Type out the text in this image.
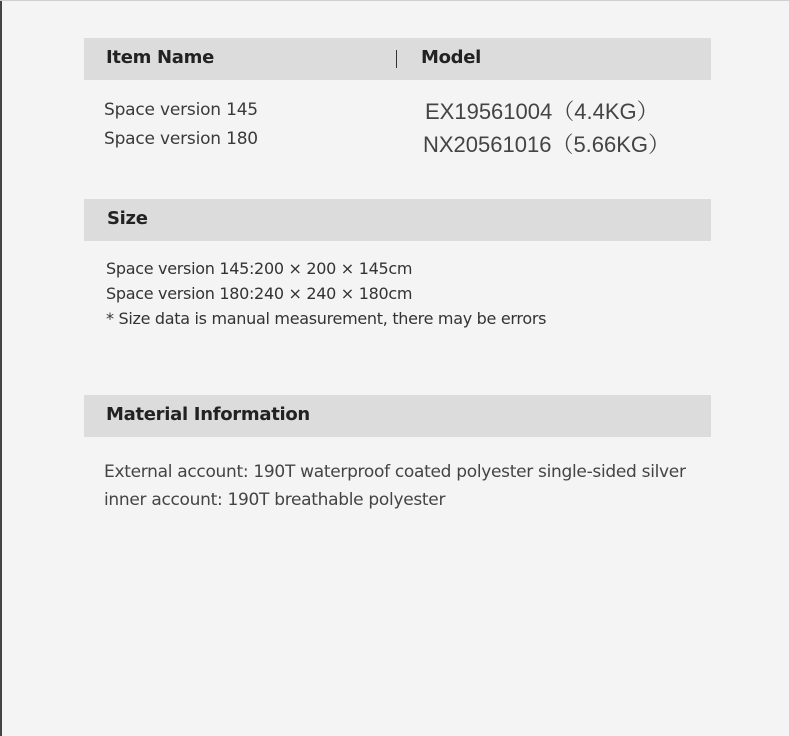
Item Name	Model
Space version 145	EX19561004（4.4KG）
Space version 180	NX20561016（5.66KG）
Size
Space version 145:200 × 200 × 145cm
Space version 180:240 × 240 × 180cm
* Size data is manual measurement, there may be errors
Material Information
External account: 190T waterproof coated polyester single-sided silver
inner account: 190T breathable polyester
